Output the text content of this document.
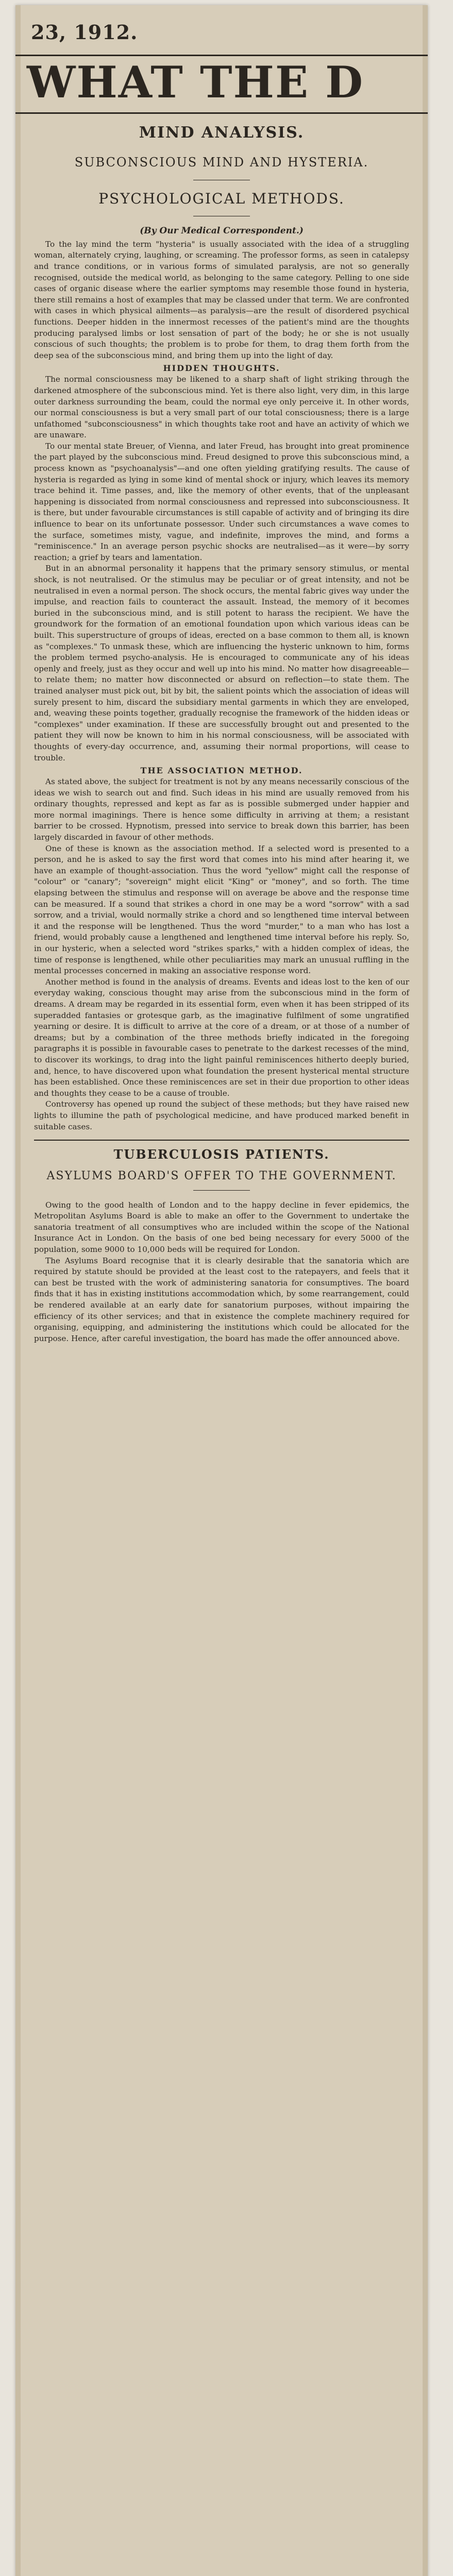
23, 1912.
WHAT THE D
MIND ANALYSIS.
SUBCONSCIOUS MIND AND HYSTERIA.
PSYCHOLOGICAL METHODS.
(By Our Medical Correspondent.)

To the lay mind the term "hysteria" is usually associated with the idea of a struggling woman, alternately crying, laughing, or screaming. The professor forms, as seen in catalepsy and trance conditions, or in various forms of simulated paralysis, are not so generally recognised, outside the medical world, as belonging to the same category. Pelling to one side cases of organic disease where the earlier symptoms may resemble those found in hysteria, there still remains a host of examples that may be classed under that term. We are confronted with cases in which physical ailments—as paralysis—are the result of disordered psychical functions. Deeper hidden in the innermost recesses of the patient's mind are the thoughts producing paralysed limbs or lost sensation of part of the body; he or she is not usually conscious of such thoughts; the problem is to probe for them, to drag them forth from the deep sea of the subconscious mind, and bring them up into the light of day.

HIDDEN THOUGHTS.

The normal consciousness may be likened to a sharp shaft of light striking through the darkened atmosphere of the subconscious mind. Yet is there also light, very dim, in this large outer darkness surrounding the beam, could the normal eye only perceive it. In other words, our normal consciousness is but a very small part of our total consciousness; there is a large unfathomed "subconsciousness" in which thoughts take root and have an activity of which we are unaware.

To our mental state Breuer, of Vienna, and later Freud, has brought into great prominence the part played by the subconscious mind. Freud designed to prove this subconscious mind, a process known as "psychoanalysis"—and one often yielding gratifying results. The cause of hysteria is regarded as lying in some kind of mental shock or injury, which leaves its memory trace behind it. Time passes, and, like the memory of other events, that of the unpleasant happening is dissociated from normal consciousness and repressed into subconsciousness. It is there, but under favourable circumstances is still capable of activity and of bringing its dire influence to bear on its unfortunate possessor. Under such circumstances a wave comes to the surface, sometimes misty, vague, and indefinite, improves the mind, and forms a "reminiscence." In an average person psychic shocks are neutralised—as it were—by sorry reaction; a grief by tears and lamentation.

But in an abnormal personality it happens that the primary sensory stimulus, or mental shock, is not neutralised. Or the stimulus may be peculiar or of great intensity, and not be neutralised in even a normal person. The shock occurs, the mental fabric gives way under the impulse, and reaction fails to counteract the assault. Instead, the memory of it becomes buried in the subconscious mind, and is still potent to harass the recipient. We have the groundwork for the formation of an emotional foundation upon which various ideas can be built. This superstructure of groups of ideas, erected on a base common to them all, is known as "complexes." To unmask these, which are influencing the hysteric unknown to him, forms the problem termed psycho-analysis. He is encouraged to communicate any of his ideas openly and freely, just as they occur and well up into his mind. No matter how disagreeable—to relate them; no matter how disconnected or absurd on reflection—to state them. The trained analyser must pick out, bit by bit, the salient points which the association of ideas will surely present to him, discard the subsidiary mental garments in which they are enveloped, and, weaving these points together, gradually recognise the framework of the hidden ideas or "complexes" under examination. If these are successfully brought out and presented to the patient they will now be known to him in his normal consciousness, will be associated with thoughts of every-day occurrence, and, assuming their normal proportions, will cease to trouble.

THE ASSOCIATION METHOD.

As stated above, the subject for treatment is not by any means necessarily conscious of the ideas we wish to search out and find. Such ideas in his mind are usually removed from his ordinary thoughts, repressed and kept as far as is possible submerged under happier and more normal imaginings. There is hence some difficulty in arriving at them; a resistant barrier to be crossed. Hypnotism, pressed into service to break down this barrier, has been largely discarded in favour of other methods.

One of these is known as the association method. If a selected word is presented to a person, and he is asked to say the first word that comes into his mind after hearing it, we have an example of thought-association. Thus the word "yellow" might call the response of "colour" or "canary"; "sovereign" might elicit "King" or "money", and so forth. The time elapsing between the stimulus and response will on average be above and the response time can be measured. If a sound that strikes a chord in one may be a word "sorrow" with a sad sorrow, and a trivial, would normally strike a chord and so lengthened time interval between it and the response will be lengthened. Thus the word "murder," to a man who has lost a friend, would probably cause a lengthened and lengthened time interval before his reply. So, in our hysteric, when a selected word "strikes sparks," with a hidden complex of ideas, the time of response is lengthened, while other peculiarities may mark an unusual ruffling in the mental processes concerned in making an associative response word.

Another method is found in the analysis of dreams. Events and ideas lost to the ken of our everyday waking, conscious thought may arise from the subconscious mind in the form of dreams. A dream may be regarded in its essential form, even when it has been stripped of its superadded fantasies or grotesque garb, as the imaginative fulfilment of some ungratified yearning or desire. It is difficult to arrive at the core of a dream, or at those of a number of dreams; but by a combination of the three methods briefly indicated in the foregoing paragraphs it is possible in favourable cases to penetrate to the darkest recesses of the mind, to discover its workings, to drag into the light painful reminiscences hitherto deeply buried, and, hence, to have discovered upon what foundation the present hysterical mental structure has been established. Once these reminiscences are set in their due proportion to other ideas and thoughts they cease to be a cause of trouble.

Controversy has opened up round the subject of these methods; but they have raised new lights to illumine the path of psychological medicine, and have produced marked benefit in suitable cases.

TUBERCULOSIS PATIENTS.
ASYLUMS BOARD'S OFFER TO THE GOVERNMENT.

Owing to the good health of London and to the happy decline in fever epidemics, the Metropolitan Asylums Board is able to make an offer to the Government to undertake the sanatoria treatment of all consumptives who are included within the scope of the National Insurance Act in London. On the basis of one bed being necessary for every 5000 of the population, some 9000 to 10,000 beds will be required for London.

The Asylums Board recognise that it is clearly desirable that the sanatoria which are required by statute should be provided at the least cost to the ratepayers, and feels that it can best be trusted with the work of administering sanatoria for consumptives. The board finds that it has in existing institutions accommodation which, by some rearrangement, could be rendered available at an early date for sanatorium purposes, without impairing the efficiency of its other services; and that in existence the complete machinery required for organising, equipping, and administering the institutions which could be allocated for the purpose. Hence, after careful investigation, the board has made the offer announced above.
